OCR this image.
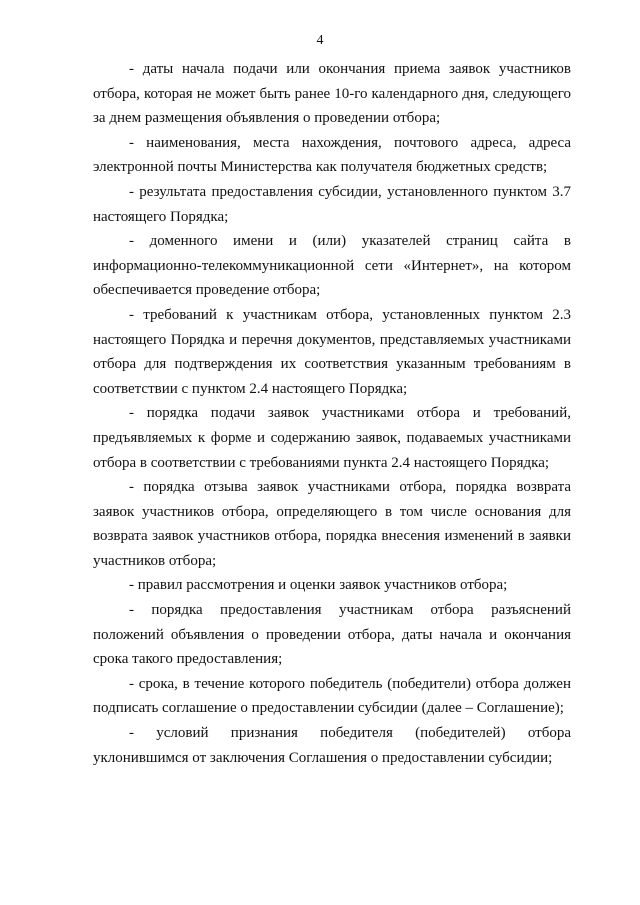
4

- даты начала подачи или окончания приема заявок участников отбора, которая не может быть ранее 10-го календарного дня, следующего за днем размещения объявления о проведении отбора;

- наименования, места нахождения, почтового адреса, адреса электронной почты Министерства как получателя бюджетных средств;

- результата предоставления субсидии, установленного пунктом 3.7 настоящего Порядка;

- доменного имени и (или) указателей страниц сайта в информационно-телекоммуникационной сети «Интернет», на котором обеспечивается проведение отбора;

- требований к участникам отбора, установленных пунктом 2.3 настоящего Порядка и перечня документов, представляемых участниками отбора для подтверждения их соответствия указанным требованиям в соответствии с пунктом 2.4 настоящего Порядка;

- порядка подачи заявок участниками отбора и требований, предъявляемых к форме и содержанию заявок, подаваемых участниками отбора в соответствии с требованиями пункта 2.4 настоящего Порядка;

- порядка отзыва заявок участниками отбора, порядка возврата заявок участников отбора, определяющего в том числе основания для возврата заявок участников отбора, порядка внесения изменений в заявки участников отбора;

- правил рассмотрения и оценки заявок участников отбора;

- порядка предоставления участникам отбора разъяснений положений объявления о проведении отбора, даты начала и окончания срока такого предоставления;

- срока, в течение которого победитель (победители) отбора должен подписать соглашение о предоставлении субсидии (далее – Соглашение);

- условий признания победителя (победителей) отбора уклонившимся от заключения Соглашения о предоставлении субсидии;
